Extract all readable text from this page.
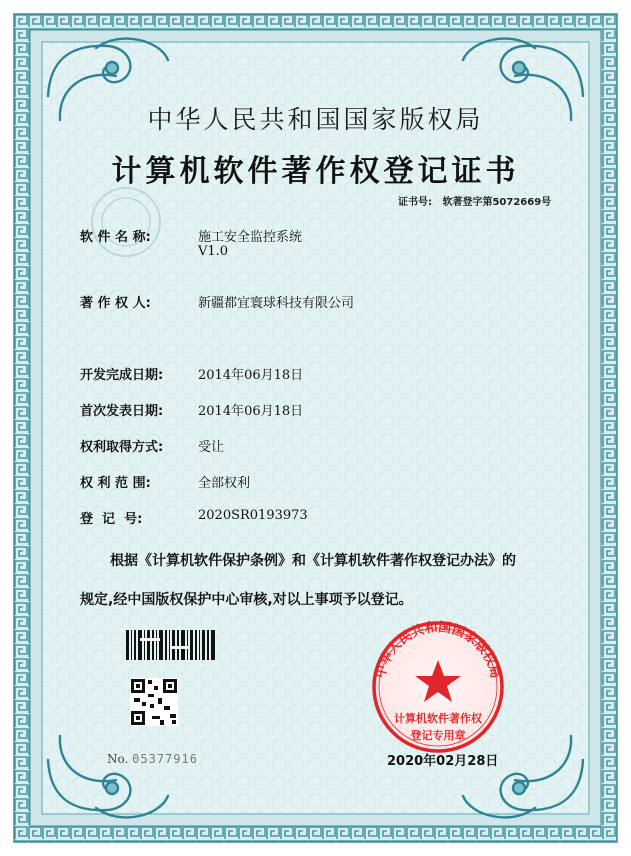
中华人民共和国国家版权局
中华人民共和国国家版权局
计算机软件著作权登记证书
证书号: 软著登字第5072669号
软 件 名 称:	施工安全监控系统
V1.0
著 作 权 人:	新疆都宜寰球科技有限公司
开发完成日期:	2014年06月18日
首次发表日期:	2014年06月18日
权利取得方式:	受让
权 利 范 围:	全部权利
登  记  号:	2020SR0193973
根据《计算机软件保护条例》和《计算机软件著作权登记办法》的
规定,经中国版权保护中心审核,对以上事项予以登记。
计算机软件著作权
登记专用章
No. 05377916	2020年02月28日
